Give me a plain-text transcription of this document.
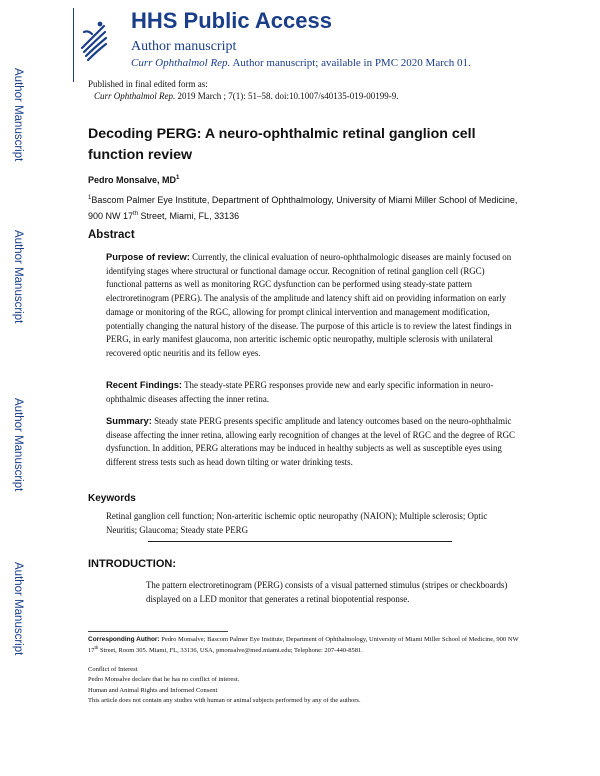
Author Manuscript
Author Manuscript
Author Manuscript
Author Manuscript
HHS Public Access
Author manuscript
Curr Ophthalmol Rep. Author manuscript; available in PMC 2020 March 01.
Published in final edited form as:
Curr Ophthalmol Rep. 2019 March ; 7(1): 51–58. doi:10.1007/s40135-019-00199-9.
Decoding PERG: A neuro-ophthalmic retinal ganglion cell function review
Pedro Monsalve, $MD^1$
$^1$Bascom Palmer Eye Institute, Department of Ophthalmology, University of Miami Miller School of Medicine, 900 NW 17th Street, Miami, FL, 33136
Abstract
Purpose of review: Currently, the clinical evaluation of neuro-ophthalmologic diseases are mainly focused on identifying stages where structural or functional damage occur. Recognition of retinal ganglion cell (RGC) functional patterns as well as monitoring RGC dysfunction can be performed using steady-state pattern electroretinogram (PERG). The analysis of the amplitude and latency shift aid on providing information on early damage or monitoring of the RGC, allowing for prompt clinical intervention and management modification, potentially changing the natural history of the disease. The purpose of this article is to review the latest findings in PERG, in early manifest glaucoma, non arteritic ischemic optic neuropathy, multiple sclerosis with unilateral recovered optic neuritis and its fellow eyes.
Recent Findings: The steady-state PERG responses provide new and early specific information in neuro-ophthalmic diseases affecting the inner retina.
Summary: Steady state PERG presents specific amplitude and latency outcomes based on the neuro-ophthalmic disease affecting the inner retina, allowing early recognition of changes at the level of RGC and the degree of RGC dysfunction. In addition, PERG alterations may be induced in healthy subjects as well as susceptible eyes using different stress tests such as head down tilting or water drinking tests.
Keywords
Retinal ganglion cell function; Non-arteritic ischemic optic neuropathy (NAION); Multiple sclerosis; Optic Neuritis; Glaucoma; Steady state PERG
INTRODUCTION:
The pattern electroretinogram (PERG) consists of a visual patterned stimulus (stripes or checkboards) displayed on a LED monitor that generates a retinal biopotential response.
Corresponding Author: Pedro Monsalve; Bascom Palmer Eye Institute, Department of Ophthalmology, University of Miami Miller School of Medicine, 900 NW 17th Street, Room 305. Miami, FL, 33136, USA, pmonsalve@med.miami.edu; Telephone: 207-440-8581.
Conflict of Interest
Pedro Monsalve declare that he has no conflict of interest.
Human and Animal Rights and Informed Consent
This article does not contain any studies with human or animal subjects performed by any of the authors.
